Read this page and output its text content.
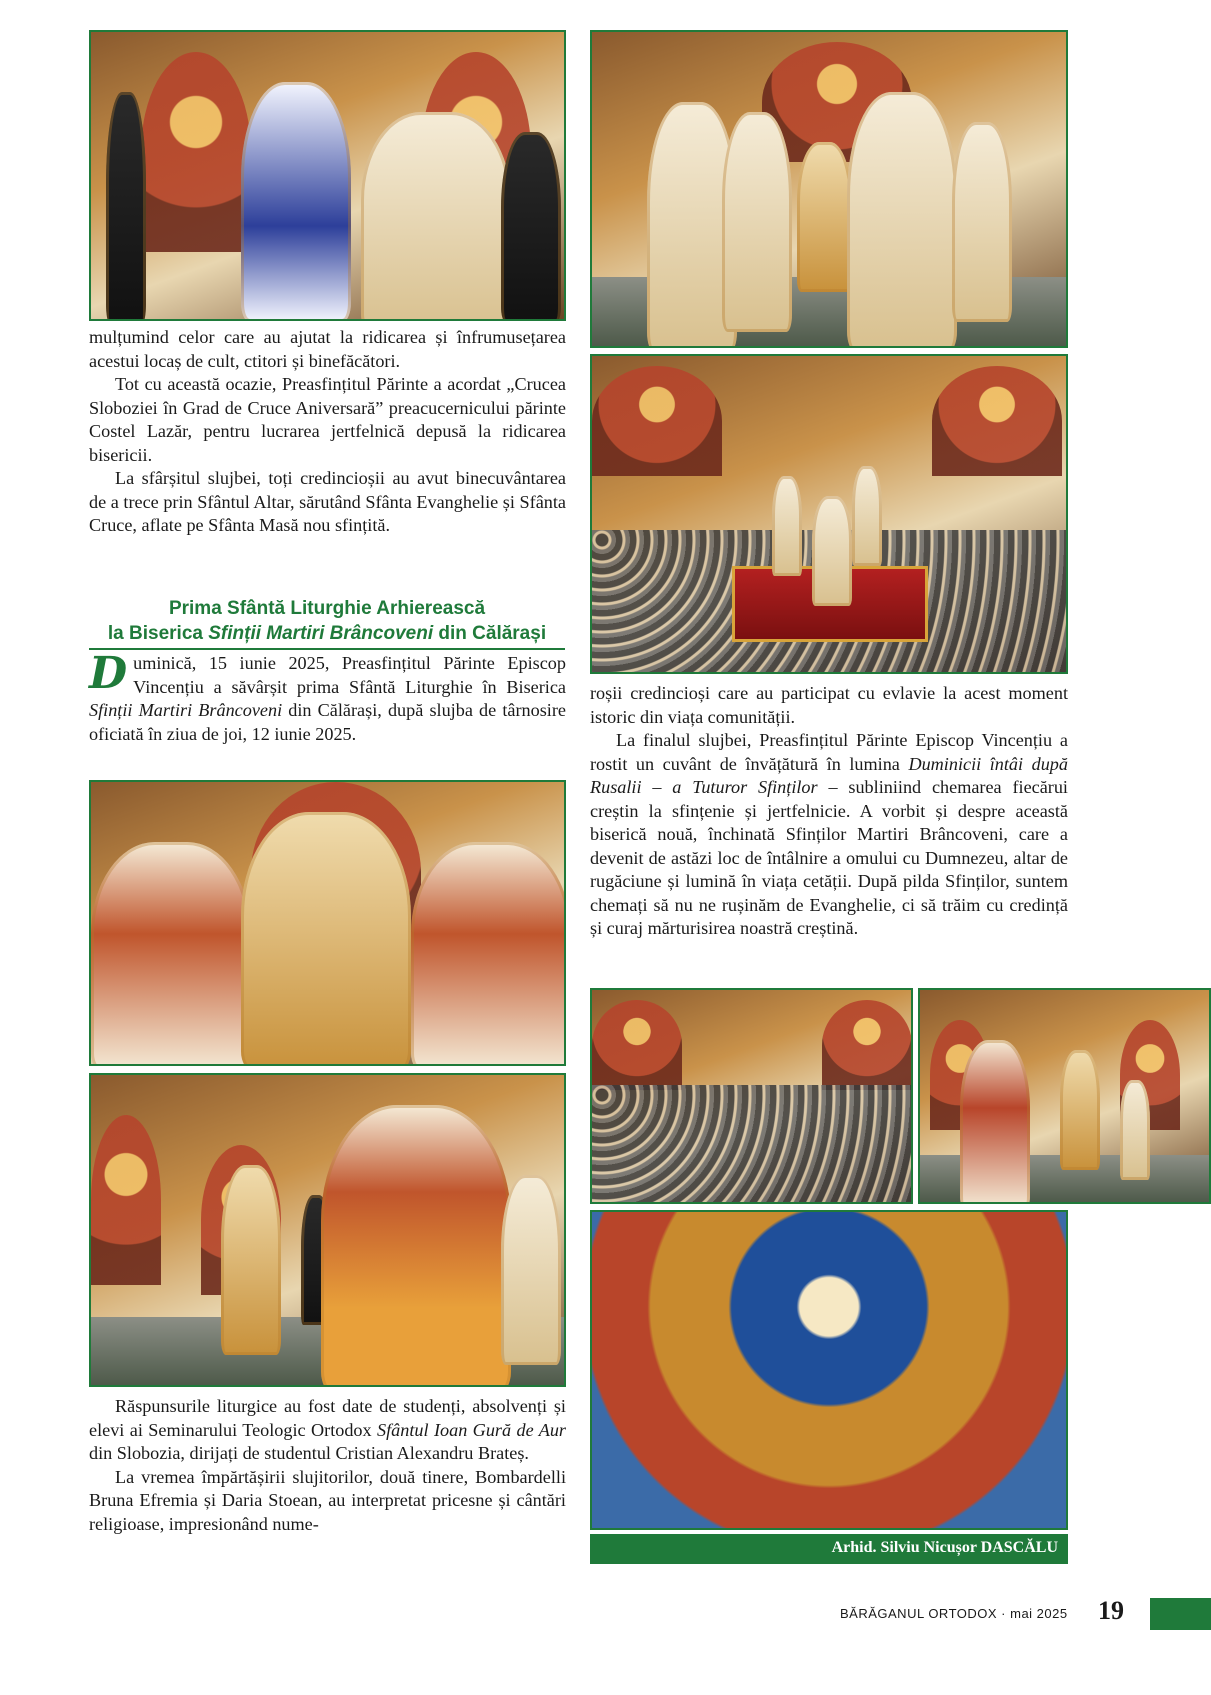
mulțumind celor care au ajutat la ridicarea și înfrumusețarea acestui locaș de cult, ctitori și binefăcători.

Tot cu această ocazie, Preasfințitul Părinte a acordat „Crucea Sloboziei în Grad de Cruce Aniversară” preacucernicului părinte Costel Lazăr, pentru lucrarea jertfelnică depusă la ridicarea bisericii.

La sfârșitul slujbei, toți credincioșii au avut binecuvântarea de a trece prin Sfântul Altar, sărutând Sfânta Evanghelie și Sfânta Cruce, aflate pe Sfânta Masă nou sfințită.

Prima Sfântă Liturghie Arhierească
la Biserica Sfinții Martiri Brâncoveni din Călărași

Duminică, 15 iunie 2025, Preasfințitul Părinte Episcop Vincențiu a săvârșit prima Sfântă Liturghie în Biserica Sfinții Martiri Brâncoveni din Călărași, după slujba de târnosire oficiată în ziua de joi, 12 iunie 2025.

Răspunsurile liturgice au fost date de studenți, absolvenți și elevi ai Seminarului Teologic Ortodox Sfântul Ioan Gură de Aur din Slobozia, dirijați de studentul Cristian Alexandru Brateș.

La vremea împărtășirii slujitorilor, două tinere, Bombardelli Bruna Efremia și Daria Stoean, au interpretat pricesne și cântări religioase, impresionând nume-

roșii credincioși care au participat cu evlavie la acest moment istoric din viața comunității.

La finalul slujbei, Preasfințitul Părinte Episcop Vincențiu a rostit un cuvânt de învățătură în lumina Duminicii întâi după Rusalii – a Tuturor Sfinților – subliniind chemarea fiecărui creștin la sfințenie și jertfelnicie. A vorbit și despre această biserică nouă, închinată Sfinților Martiri Brâncoveni, care a devenit de astăzi loc de întâlnire a omului cu Dumnezeu, altar de rugăciune și lumină în viața cetății. După pilda Sfinților, suntem chemați să nu ne rușinăm de Evanghelie, ci să trăim cu credință și curaj mărturisirea noastră creștină.

Arhid. Silviu Nicușor DASCĂLU
BĂRĂGANUL ORTODOX · mai 2025 19
